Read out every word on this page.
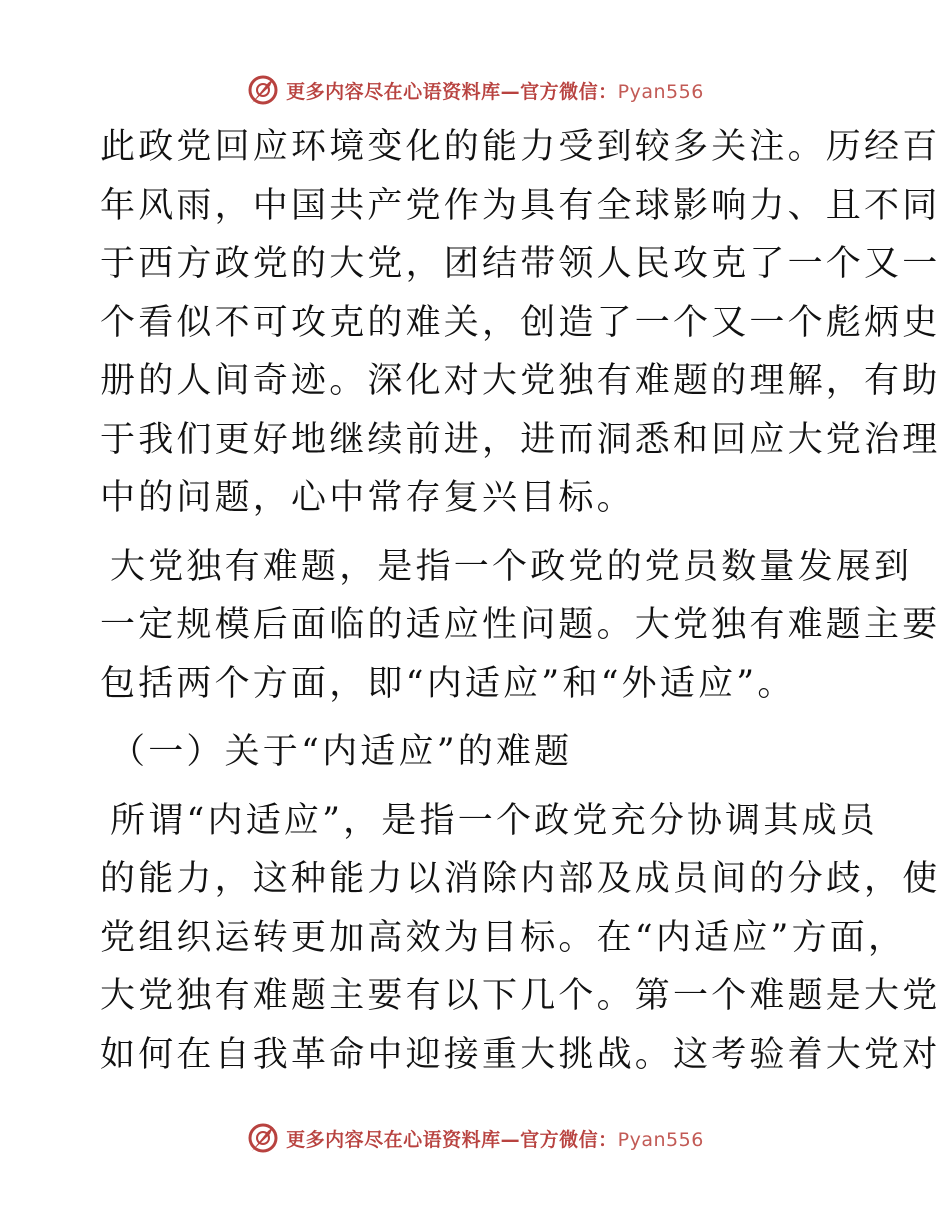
更多内容尽在心语资料库—官方微信：Pyan556
此政党回应环境变化的能力受到较多关注。历经百
年风雨，中国共产党作为具有全球影响力、且不同
于西方政党的大党，团结带领人民攻克了一个又一
个看似不可攻克的难关，创造了一个又一个彪炳史
册的人间奇迹。深化对大党独有难题的理解，有助
于我们更好地继续前进，进而洞悉和回应大党治理
中的问题，心中常存复兴目标。
大党独有难题，是指一个政党的党员数量发展到
一定规模后面临的适应性问题。大党独有难题主要
包括两个方面，即“内适应”和“外适应”。
（一）关于“内适应”的难题
所谓“内适应”，是指一个政党充分协调其成员
的能力，这种能力以消除内部及成员间的分歧，使
党组织运转更加高效为目标。在“内适应”方面，
大党独有难题主要有以下几个。第一个难题是大党
如何在自我革命中迎接重大挑战。这考验着大党对
更多内容尽在心语资料库—官方微信：Pyan556
